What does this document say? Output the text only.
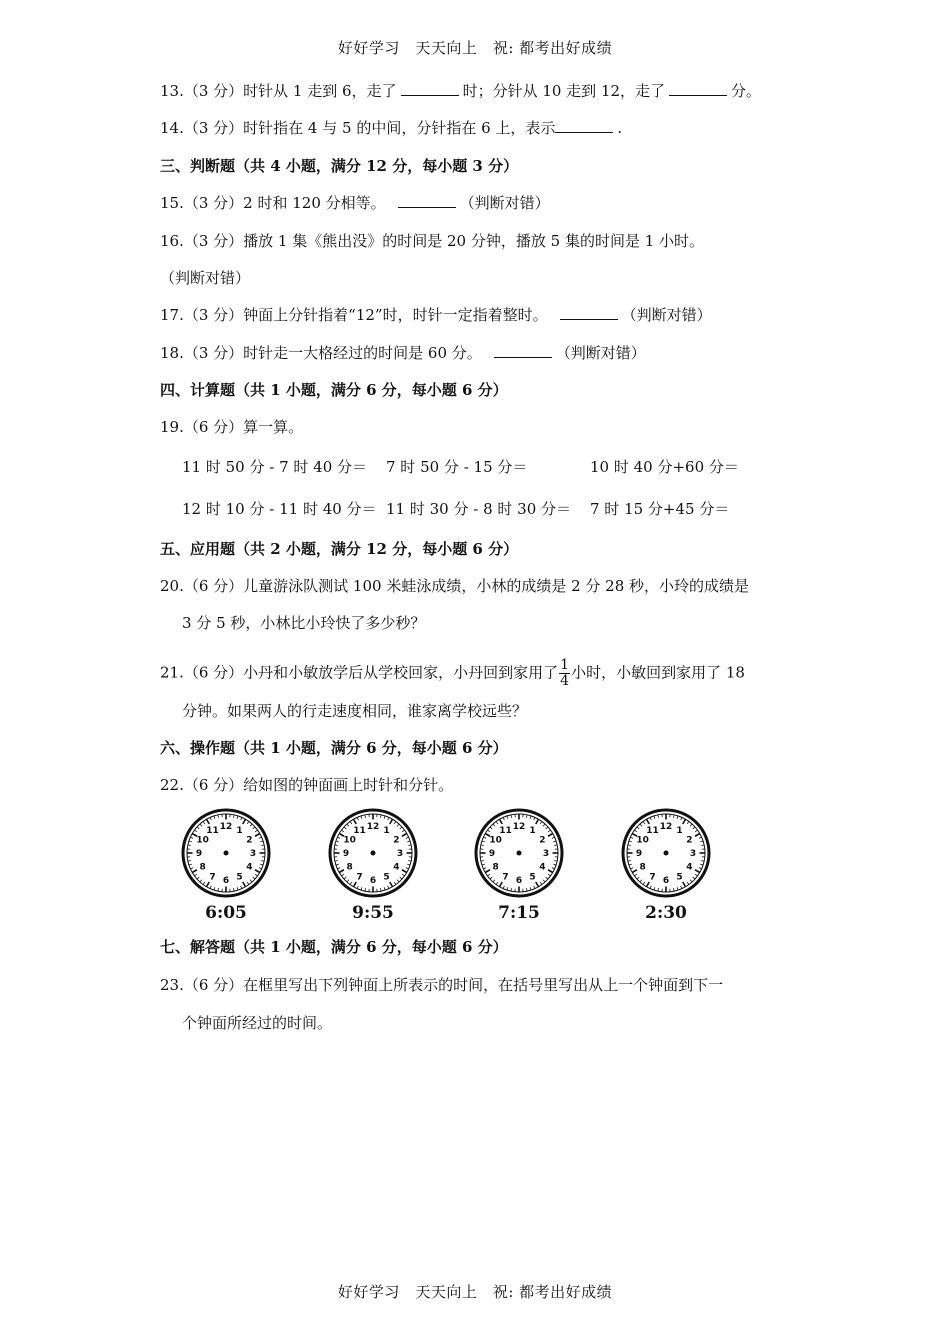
好好学习　天天向上　祝: 都考出好成绩
13.（3 分）时针从 1 走到 6，走了	时；分针从 10 走到 12，走了	分。
14.（3 分）时针指在 4 与 5 的中间，分针指在 6 上，表示	.
三、判断题（共 4 小题，满分 12 分，每小题 3 分）
15.（3 分）2 时和 120 分相等。	（判断对错）
16.（3 分）播放 1 集《熊出没》的时间是 20 分钟，播放 5 集的时间是 1 小时。
（判断对错）
17.（3 分）钟面上分针指着“12”时，时针一定指着整时。	（判断对错）
18.（3 分）时针走一大格经过的时间是 60 分。	（判断对错）
四、计算题（共 1 小题，满分 6 分，每小题 6 分）
19.（6 分）算一算。
11 时 50 分 - 7 时 40 分＝ 7 时 50 分 - 15 分＝	10 时 40 分+60 分＝
12 时 10 分 - 11 时 40 分＝ 11 时 30 分 - 8 时 30 分＝ 7 时 15 分+45 分＝
五、应用题（共 2 小题，满分 12 分，每小题 6 分）
20.（6 分）儿童游泳队测试 100 米蛙泳成绩，小林的成绩是 2 分 28 秒，小玲的成绩是
3 分 5 秒，小林比小玲快了多少秒？
21.（6 分）小丹和小敏放学后从学校回家，小丹回到家用了 $\frac{1}{4}$ 小时，小敏回到家用了 18
分钟。如果两人的行走速度相同，谁家离学校远些？
六、操作题（共 1 小题，满分 6 分，每小题 6 分）
22.（6 分）给如图的钟面画上时针和分针。
12 1
2
3
4
5
6
7
8
9
10
11
6:05
12 1
2
3
4
5
6
7
8
9
10
11
9:55
12 1
2
3
4
5
6
7
8
9
10
11
7:15
12 1
2
3
4
5
6
7
8
9
10
11
2:30
七、解答题（共 1 小题，满分 6 分，每小题 6 分）
23.（6 分）在框里写出下列钟面上所表示的时间，在括号里写出从上一个钟面到下一
个钟面所经过的时间。
好好学习　天天向上　祝: 都考出好成绩
